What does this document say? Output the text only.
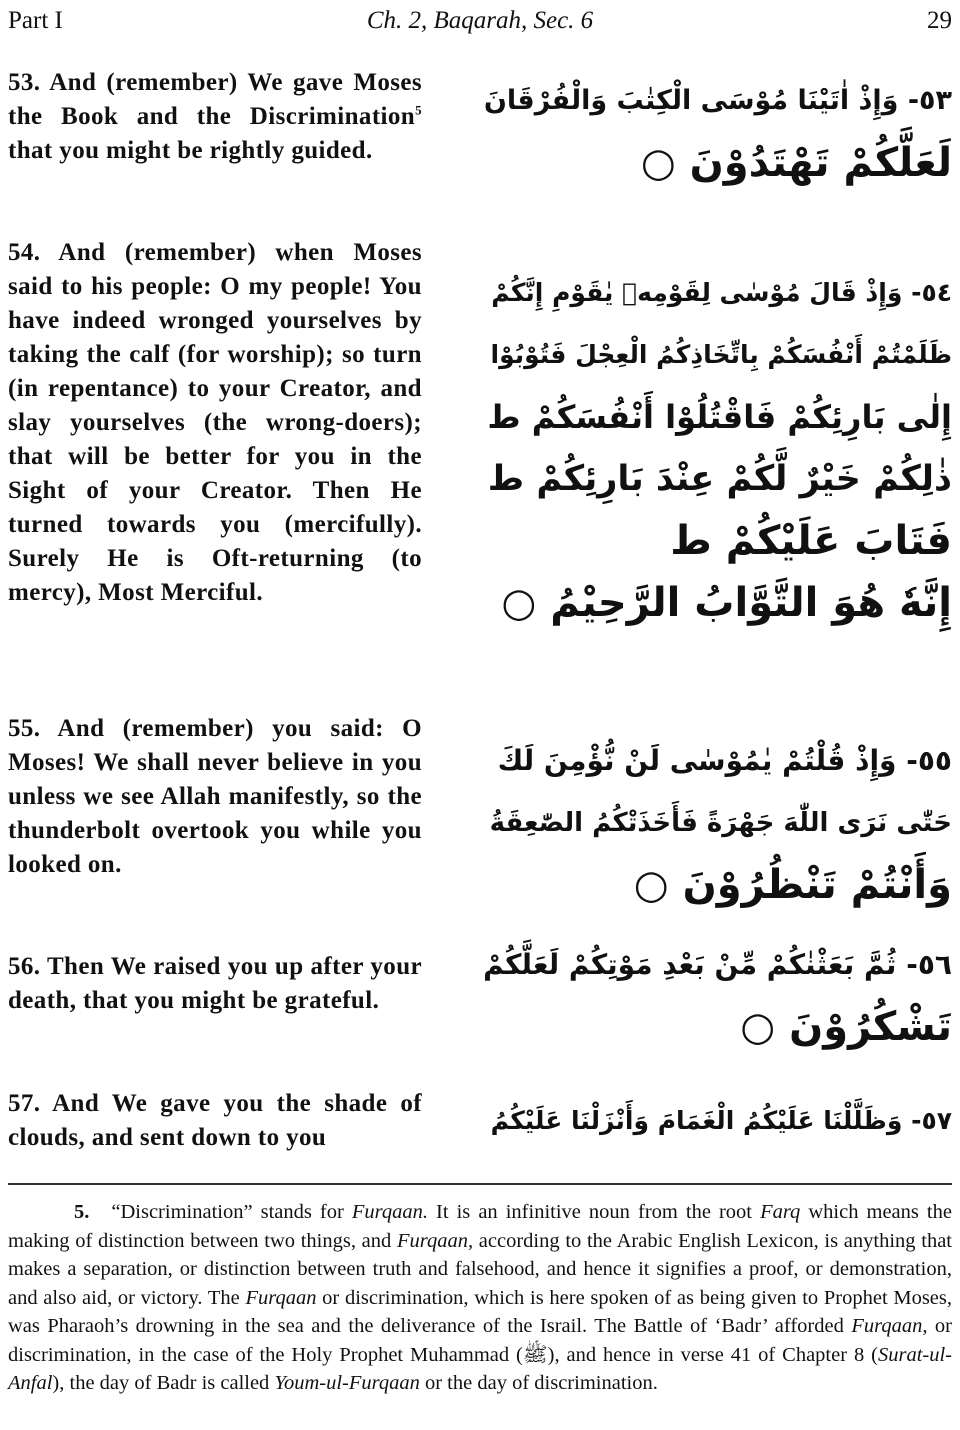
Part I	Ch. 2, Baqarah, Sec. 6	29

53. And (remember) We gave Moses the Book and the Discrimination$^5$ that you might be rightly guided.

٥٣- وَإِذْ اٰتَيْنَا مُوْسَى الْكِتٰبَ وَالْفُرْقَانَ
لَعَلَّكُمْ تَهْتَدُوْنَ ○

54. And (remember) when Moses said to his people: O my people! You have indeed wronged yourselves by taking the calf (for worship); so turn (in repentance) to your Creator, and slay yourselves (the wrong-doers); that will be better for you in the Sight of your Creator. Then He turned towards you (mercifully). Surely He is Oft-returning (to mercy), Most Merciful.

٥٤- وَإِذْ قَالَ مُوْسٰى لِقَوْمِهٖ يٰقَوْمِ إِنَّكُمْ
ظَلَمْتُمْ أَنْفُسَكُمْ بِاتِّخَاذِكُمُ الْعِجْلَ فَتُوْبُوْا
إِلٰى بَارِئِكُمْ فَاقْتُلُوْا أَنْفُسَكُمْ ط
ذٰلِكُمْ خَيْرٌ لَّكُمْ عِنْدَ بَارِئِكُمْ ط
فَتَابَ عَلَيْكُمْ ط
إِنَّهٗ هُوَ التَّوَّابُ الرَّحِيْمُ ○

55. And (remember) you said: O Moses! We shall never believe in you unless we see Allah manifestly, so the thunderbolt overtook you while you looked on.

٥٥- وَإِذْ قُلْتُمْ يٰمُوْسٰى لَنْ نُّؤْمِنَ لَكَ
حَتّٰى نَرَى اللّٰهَ جَهْرَةً فَأَخَذَتْكُمُ الصّٰعِقَةُ
وَأَنْتُمْ تَنْظُرُوْنَ ○

56. Then We raised you up after your death, that you might be grateful.

٥٦- ثُمَّ بَعَثْنٰكُمْ مِّنْ بَعْدِ مَوْتِكُمْ لَعَلَّكُمْ
تَشْكُرُوْنَ ○

57. And We gave you the shade of clouds, and sent down to you

٥٧- وَظَلَّلْنَا عَلَيْكُمُ الْغَمَامَ وَأَنْزَلْنَا عَلَيْكُمُ

5. “Discrimination” stands for Furqaan. It is an infinitive noun from the root Farq which means the making of distinction between two things, and Furqaan, according to the Arabic English Lexicon, is anything that makes a separation, or distinction between truth and falsehood, and hence it signifies a proof, or demonstration, and also aid, or victory. The Furqaan or discrimination, which is here spoken of as being given to Prophet Moses, was Pharaoh’s drowning in the sea and the deliverance of the Israil. The Battle of ‘Badr’ afforded Furqaan, or discrimination, in the case of the Holy Prophet Muhammad (ﷺ), and hence in verse 41 of Chapter 8 (Surat-ul-Anfal), the day of Badr is called Youm-ul-Furqaan or the day of discrimination.
